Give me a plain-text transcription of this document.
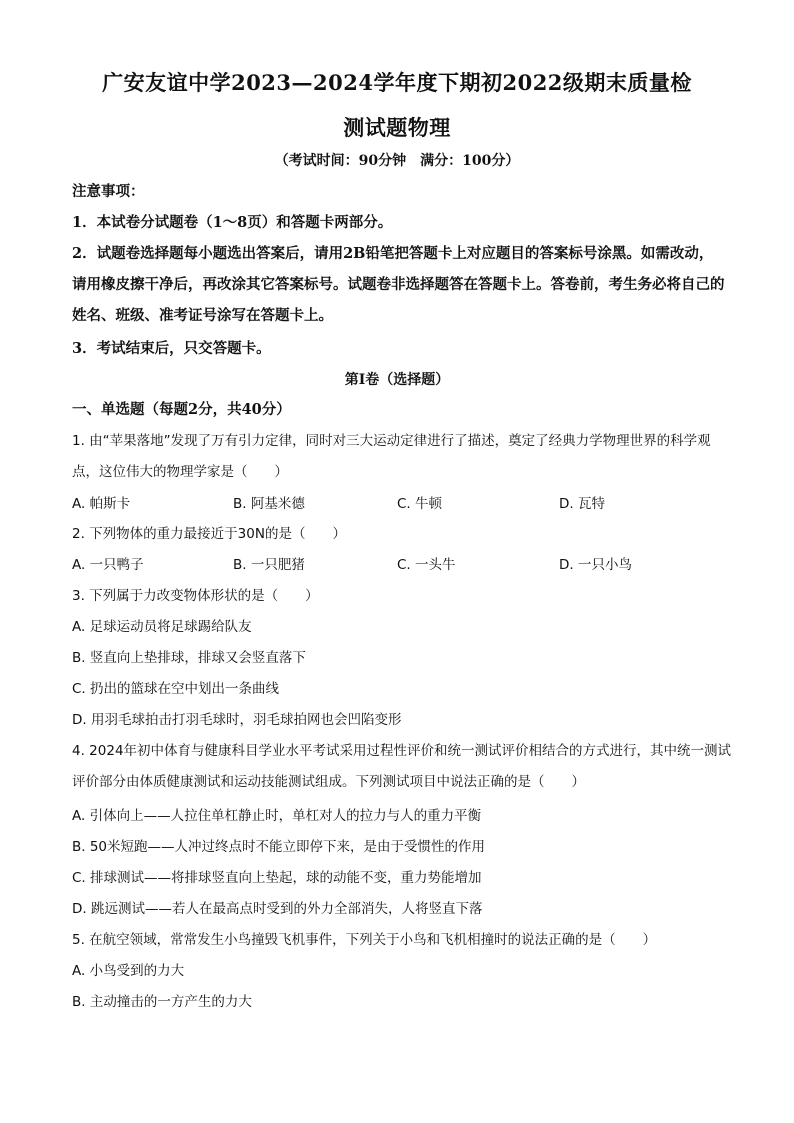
广安友谊中学2023—2024学年度下期初2022级期末质量检
测试题物理
（考试时间：90分钟　满分：100分）
注意事项：
1．本试卷分试题卷（1～8页）和答题卡两部分。
2．试题卷选择题每小题选出答案后，请用2B铅笔把答题卡上对应题目的答案标号涂黑。如需改动，请用橡皮擦干净后，再改涂其它答案标号。试题卷非选择题答在答题卡上。答卷前，考生务必将自己的姓名、班级、准考证号涂写在答题卡上。
3．考试结束后，只交答题卡。
第I卷（选择题）
一、单选题（每题2分，共40分）
1. 由“苹果落地”发现了万有引力定律，同时对三大运动定律进行了描述，奠定了经典力学物理世界的科学观点，这位伟大的物理学家是（　　）
A. 帕斯卡	B. 阿基米德	C. 牛顿	D. 瓦特
2. 下列物体的重力最接近于30N的是（　　）
A. 一只鸭子	B. 一只肥猪	C. 一头牛	D. 一只小鸟
3. 下列属于力改变物体形状的是（　　）
A. 足球运动员将足球踢给队友
B. 竖直向上垫排球，排球又会竖直落下
C. 扔出的篮球在空中划出一条曲线
D. 用羽毛球拍击打羽毛球时，羽毛球拍网也会凹陷变形
4. 2024年初中体育与健康科目学业水平考试采用过程性评价和统一测试评价相结合的方式进行，其中统一测试评价部分由体质健康测试和运动技能测试组成。下列测试项目中说法正确的是（　　）
A. 引体向上——人拉住单杠静止时，单杠对人的拉力与人的重力平衡
B. 50米短跑——人冲过终点时不能立即停下来，是由于受惯性的作用
C. 排球测试——将排球竖直向上垫起，球的动能不变，重力势能增加
D. 跳远测试——若人在最高点时受到的外力全部消失，人将竖直下落
5. 在航空领域，常常发生小鸟撞毁飞机事件，下列关于小鸟和飞机相撞时的说法正确的是（　　）
A. 小鸟受到的力大
B. 主动撞击的一方产生的力大
